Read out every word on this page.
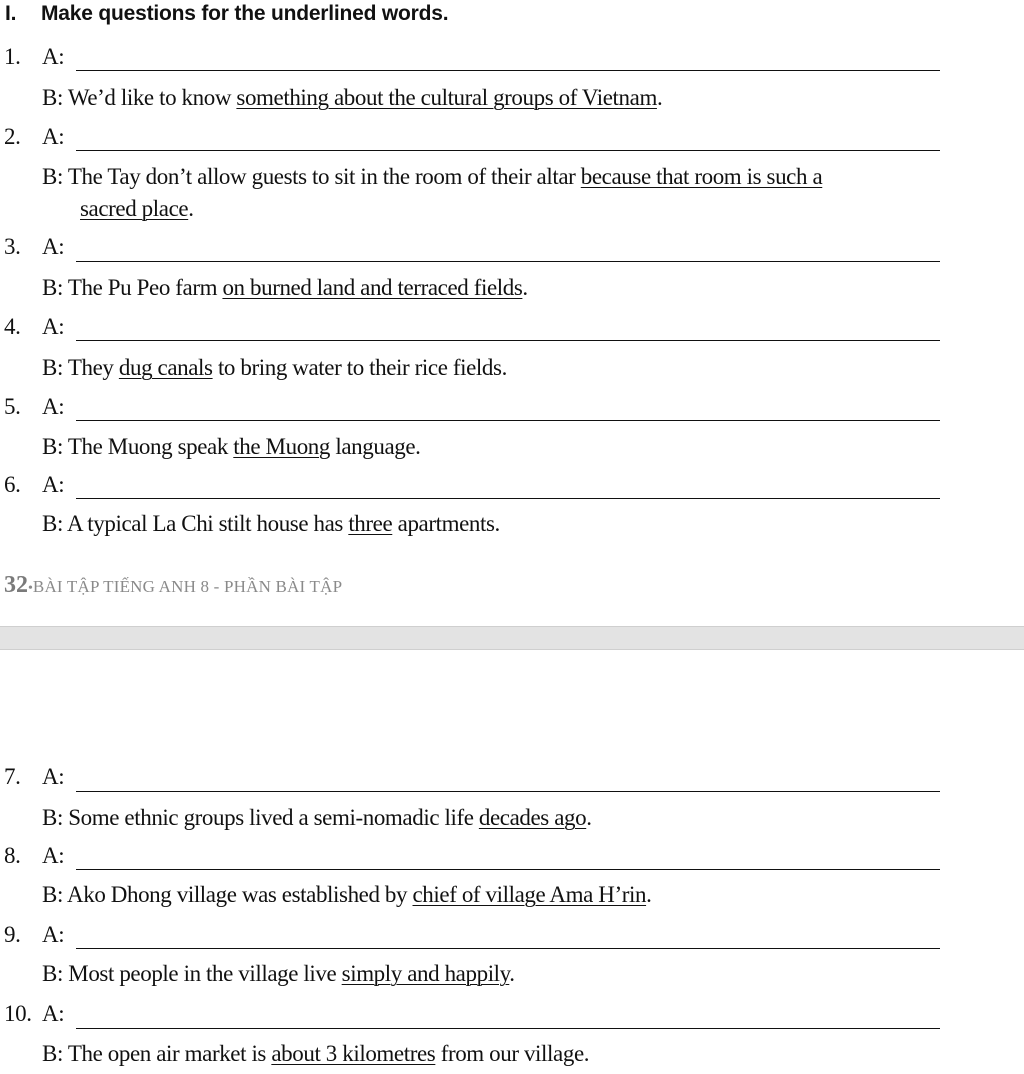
I. Make questions for the underlined words.
1. A:
B: We’d like to know something about the cultural groups of Vietnam.
2. A:
B: The Tay don’t allow guests to sit in the room of their altar because that room is such a
sacred place.
3. A:
B: The Pu Peo farm on burned land and terraced fields.
4. A:
B: They dug canals to bring water to their rice fields.
5. A:
B: The Muong speak the Muong language.
6. A:
B: A typical La Chi stilt house has three apartments.
32•BÀI TẬP TIẾNG ANH 8 - PHẦN BÀI TẬP
7. A:
B: Some ethnic groups lived a semi-nomadic life decades ago.
8. A:
B: Ako Dhong village was established by chief of village Ama H’rin.
9. A:
B: Most people in the village live simply and happily.
10. A:
B: The open air market is about 3 kilometres from our village.
